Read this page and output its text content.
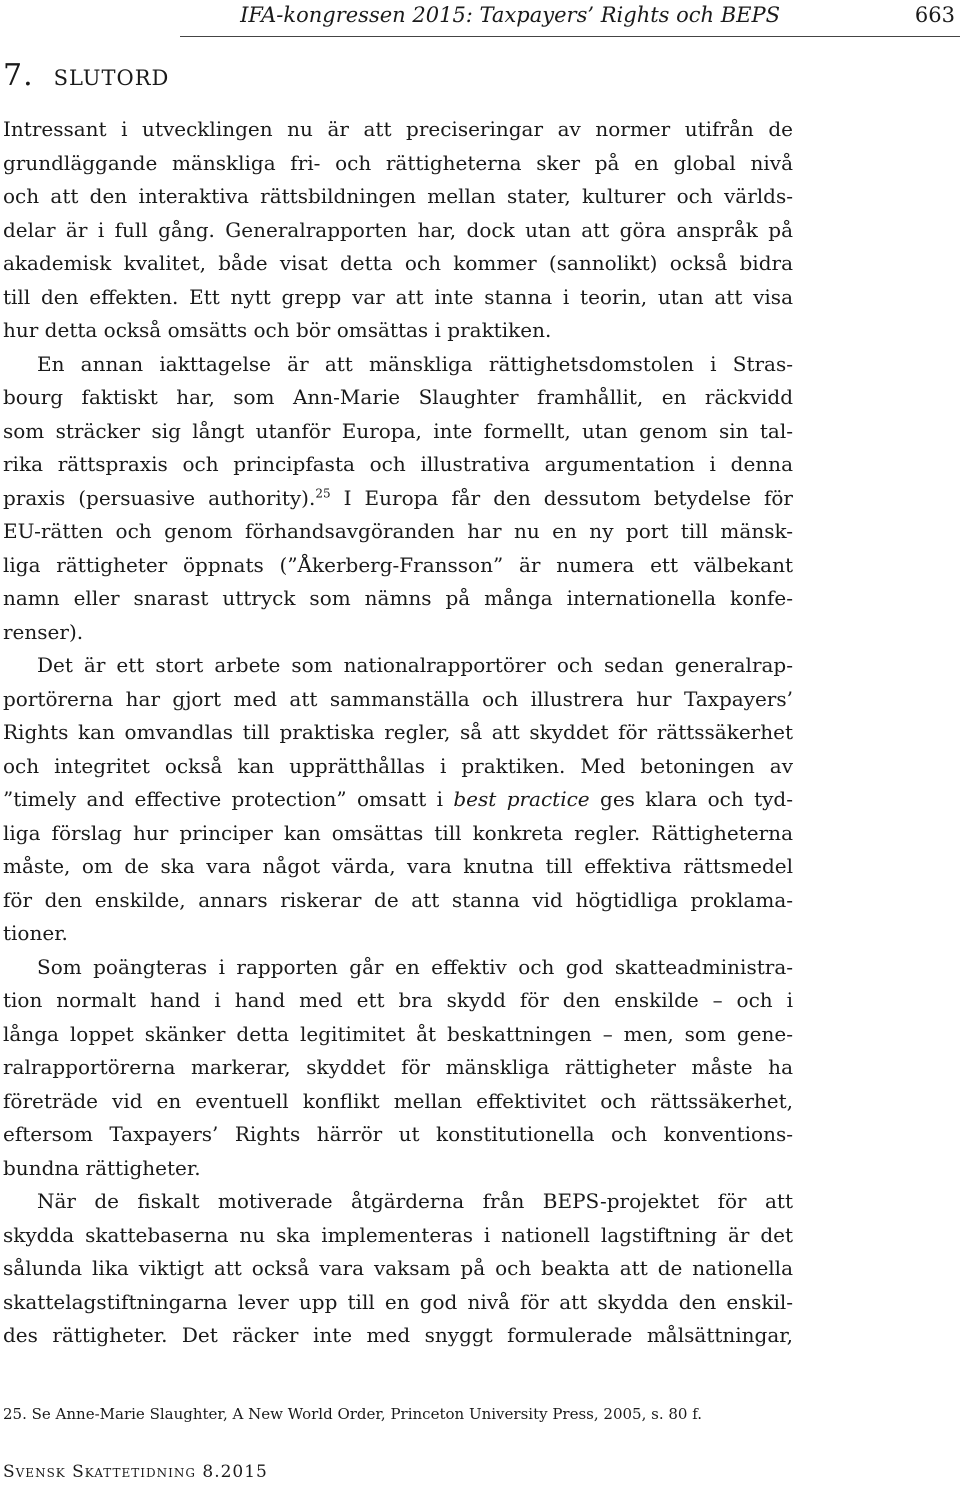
IFA-kongressen 2015: Taxpayers’ Rights och BEPS	663
7. slutord
Intressant i utvecklingen nu är att preciseringar av normer utifrån de
grundläggande mänskliga fri- och rättigheterna sker på en global nivå
och att den interaktiva rättsbildningen mellan stater, kulturer och världs-
delar är i full gång. Generalrapporten har, dock utan att göra anspråk på
akademisk kvalitet, både visat detta och kommer (sannolikt) också bidra
till den effekten. Ett nytt grepp var att inte stanna i teorin, utan att visa
hur detta också omsätts och bör omsättas i praktiken.
En annan iakttagelse är att mänskliga rättighetsdomstolen i Stras-
bourg faktiskt har, som Ann-Marie Slaughter framhållit, en räckvidd
som sträcker sig långt utanför Europa, inte formellt, utan genom sin tal-
rika rättspraxis och principfasta och illustrativa argumentation i denna
praxis (persuasive authority).$^{25}$ I Europa får den dessutom betydelse för
EU-rätten och genom förhandsavgöranden har nu en ny port till mänsk-
liga rättigheter öppnats (”Åkerberg-Fransson” är numera ett välbekant
namn eller snarast uttryck som nämns på många internationella konfe-
renser).
Det är ett stort arbete som nationalrapportörer och sedan generalrap-
portörerna har gjort med att sammanställa och illustrera hur Taxpayers’
Rights kan omvandlas till praktiska regler, så att skyddet för rättssäkerhet
och integritet också kan upprätthållas i praktiken. Med betoningen av
”timely and effective protection” omsatt i best practice ges klara och tyd-
liga förslag hur principer kan omsättas till konkreta regler. Rättigheterna
måste, om de ska vara något värda, vara knutna till effektiva rättsmedel
för den enskilde, annars riskerar de att stanna vid högtidliga proklama-
tioner.
Som poängteras i rapporten går en effektiv och god skatteadministra-
tion normalt hand i hand med ett bra skydd för den enskilde – och i
långa loppet skänker detta legitimitet åt beskattningen – men, som gene-
ralrapportörerna markerar, skyddet för mänskliga rättigheter måste ha
företräde vid en eventuell konflikt mellan effektivitet och rättssäkerhet,
eftersom Taxpayers’ Rights härrör ut konstitutionella och konventions-
bundna rättigheter.
När de fiskalt motiverade åtgärderna från BEPS-projektet för att
skydda skattebaserna nu ska implementeras i nationell lagstiftning är det
sålunda lika viktigt att också vara vaksam på och beakta att de nationella
skattelagstiftningarna lever upp till en god nivå för att skydda den enskil-
des rättigheter. Det räcker inte med snyggt formulerade målsättningar,
25. Se Anne-Marie Slaughter, A New World Order, Princeton University Press, 2005, s. 80 f.
Svensk Skattetidning 8.2015
